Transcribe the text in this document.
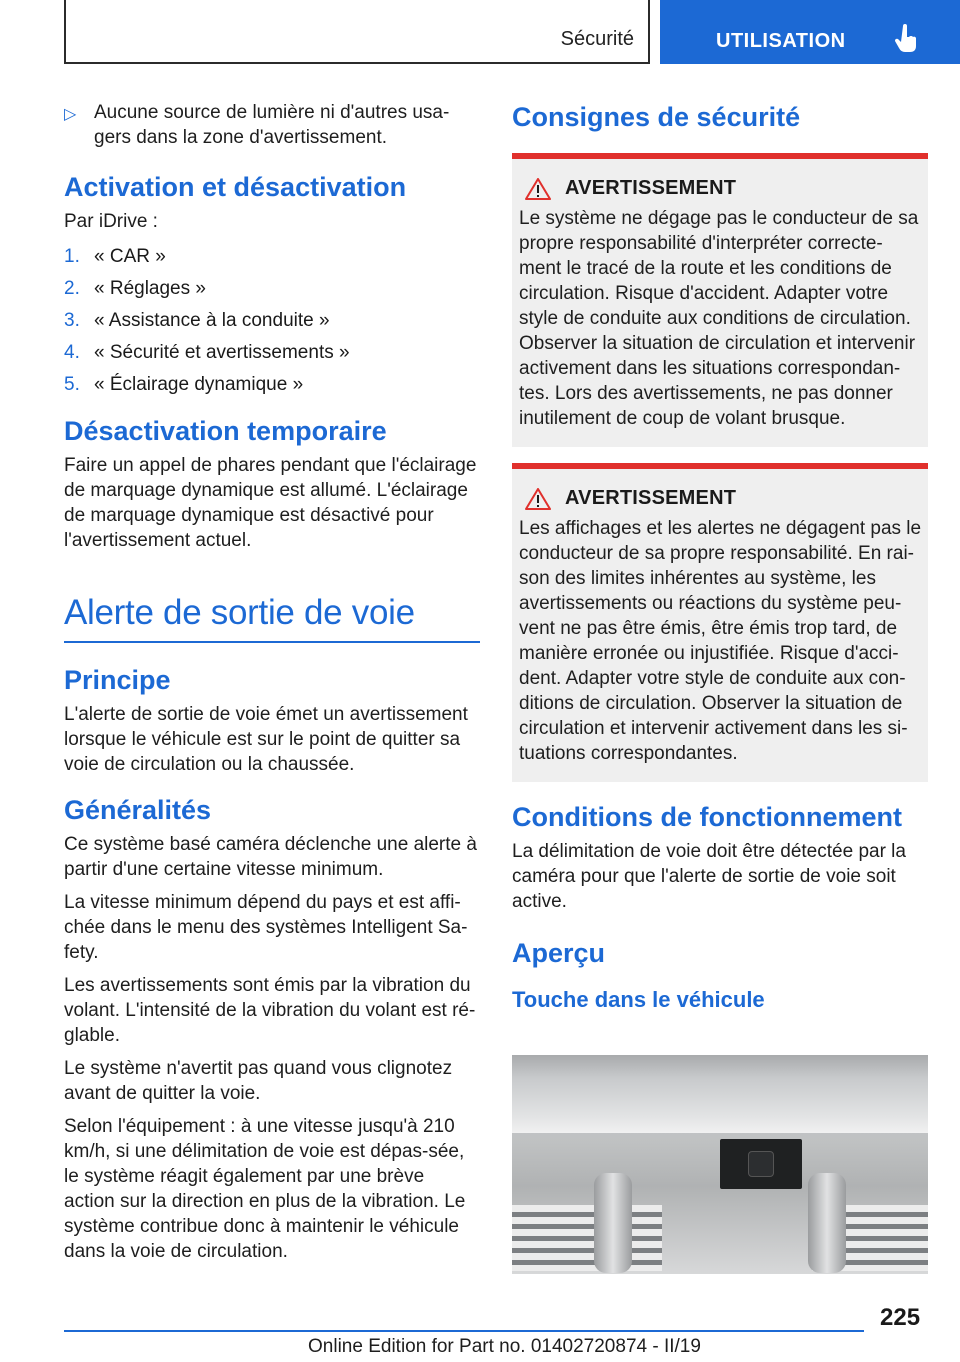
Sécurité	UTILISATION
▷ Aucune source de lumière ni d'autres usa-gers dans la zone d'avertissement.
Activation et désactivation

Par iDrive :

1. « CAR »
2. « Réglages »
3. « Assistance à la conduite »
4. « Sécurité et avertissements »
5. « Éclairage dynamique »
Désactivation temporaire

Faire un appel de phares pendant que l'éclairage de marquage dynamique est allumé. L'éclairage de marquage dynamique est désactivé pour l'avertissement actuel.

Alerte de sortie de voie
Principe

L'alerte de sortie de voie émet un avertissement lorsque le véhicule est sur le point de quitter sa voie de circulation ou la chaussée.

Généralités

Ce système basé caméra déclenche une alerte à partir d'une certaine vitesse minimum.

La vitesse minimum dépend du pays et est affi-chée dans le menu des systèmes Intelligent Sa-fety.

Les avertissements sont émis par la vibration du volant. L'intensité de la vibration du volant est ré-glable.

Le système n'avertit pas quand vous clignotez avant de quitter la voie.

Selon l'équipement : à une vitesse jusqu'à 210 km/h, si une délimitation de voie est dépas-sée, le système réagit également par une brève action sur la direction en plus de la vibration. Le système contribue donc à maintenir le véhicule dans la voie de circulation.

Consignes de sécurité
AVERTISSEMENT

Le système ne dégage pas le conducteur de sa propre responsabilité d'interpréter correcte-ment le tracé de la route et les conditions de circulation. Risque d'accident. Adapter votre style de conduite aux conditions de circulation. Observer la situation de circulation et intervenir activement dans les situations correspondan-tes. Lors des avertissements, ne pas donner inutilement de coup de volant brusque.

AVERTISSEMENT

Les affichages et les alertes ne dégagent pas le conducteur de sa propre responsabilité. En rai-son des limites inhérentes au système, les avertissements ou réactions du système peu-vent ne pas être émis, être émis trop tard, de manière erronée ou injustifiée. Risque d'acci-dent. Adapter votre style de conduite aux con-ditions de circulation. Observer la situation de circulation et intervenir activement dans les si-tuations correspondantes.

Conditions de fonctionnement

La délimitation de voie doit être détectée par la caméra pour que l'alerte de sortie de voie soit active.

Aperçu
Touche dans le véhicule
225
Online Edition for Part no. 01402720874 - II/19
